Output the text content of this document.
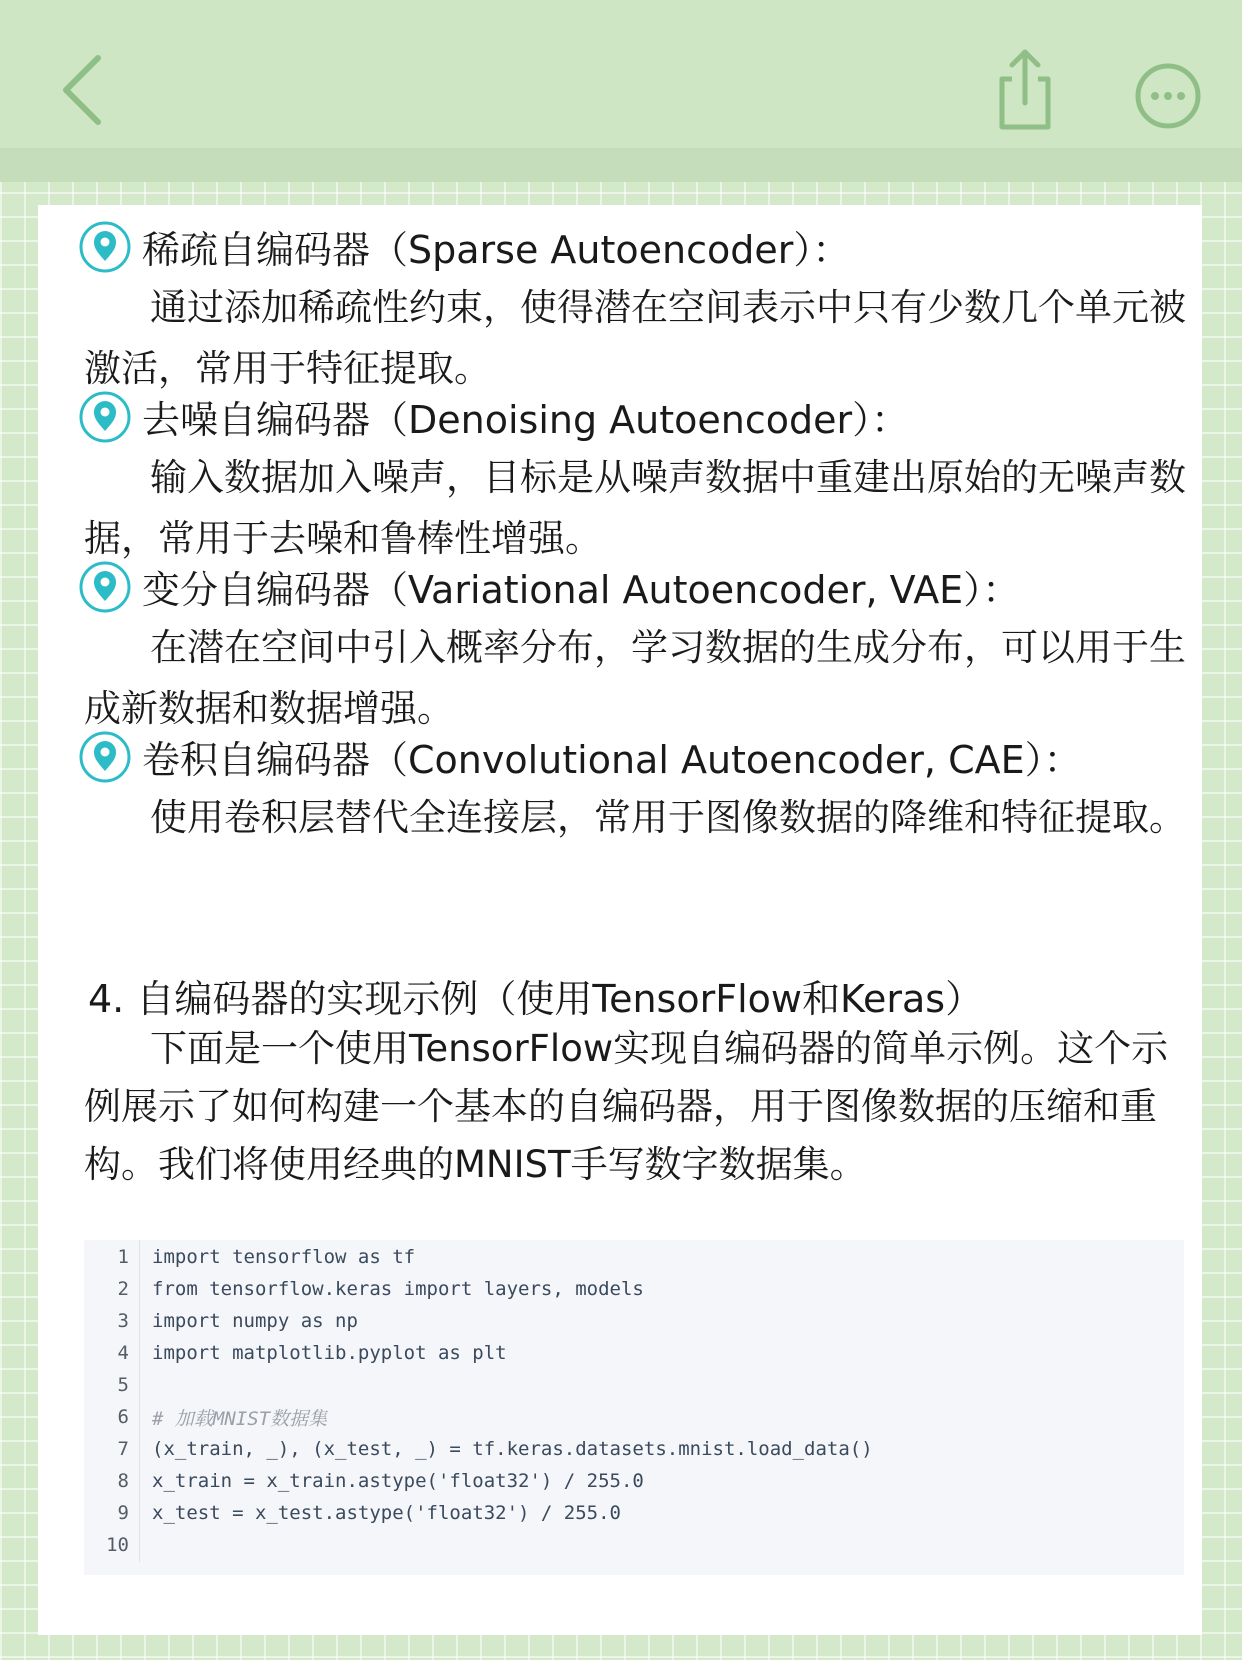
稀疏自编码器（Sparse Autoencoder）：

通过添加稀疏性约束，使得潜在空间表示中只有少数几个单元被激活，常用于特征提取。

去噪自编码器（Denoising Autoencoder）：

输入数据加入噪声，目标是从噪声数据中重建出原始的无噪声数据，常用于去噪和鲁棒性增强。

变分自编码器（Variational Autoencoder, VAE）：

在潜在空间中引入概率分布，学习数据的生成分布，可以用于生成新数据和数据增强。

卷积自编码器（Convolutional Autoencoder, CAE）：

使用卷积层替代全连接层，常用于图像数据的降维和特征提取。

4. 自编码器的实现示例（使用TensorFlow和Keras）

下面是一个使用TensorFlow实现自编码器的简单示例。这个示例展示了如何构建一个基本的自编码器，用于图像数据的压缩和重构。我们将使用经典的MNIST手写数字数据集。

1	import tensorflow as tf
2	from tensorflow.keras import layers, models
3	import numpy as np
4	import matplotlib.pyplot as plt
5
6	# 加载MNIST数据集
7	(x_train, _), (x_test, _) = tf.keras.datasets.mnist.load_data()
8	x_train = x_train.astype('float32') / 255.0
9	x_test = x_test.astype('float32') / 255.0
10
